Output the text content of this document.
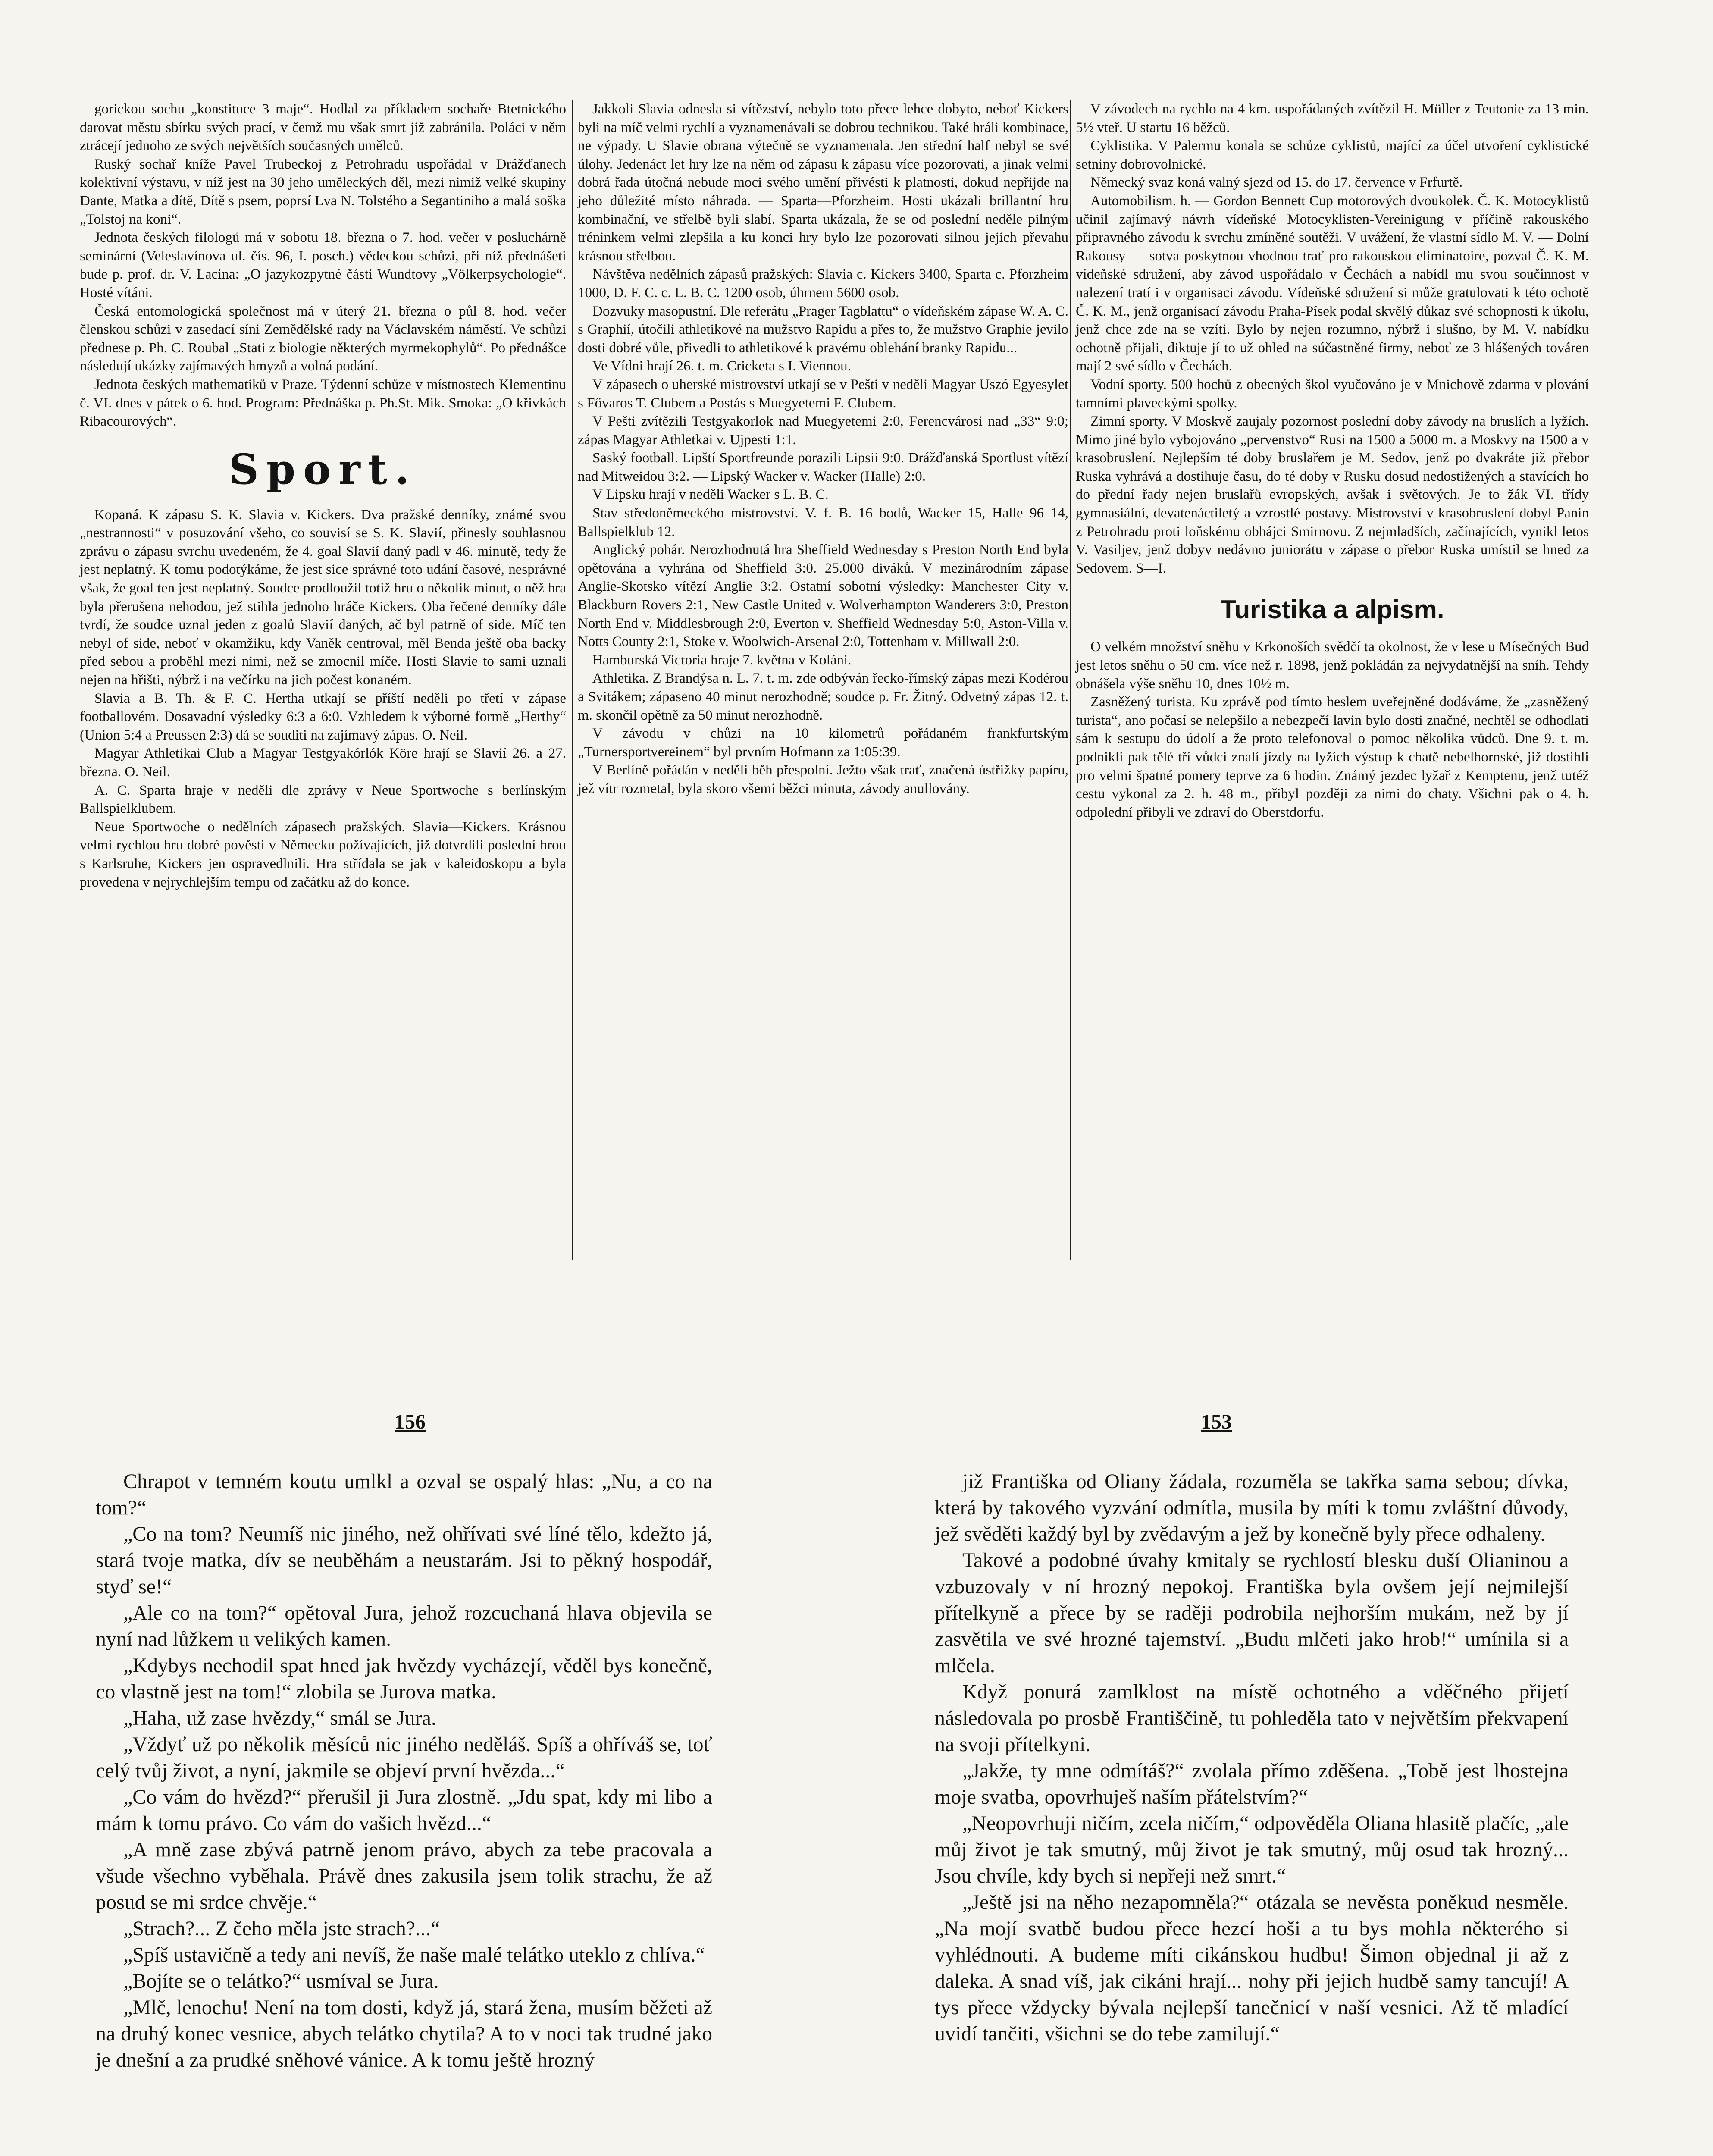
gorickou sochu „konstituce 3 maje“. Hodlal za příkladem sochaře Btetnického darovat městu sbírku svých prací, v čemž mu však smrt již zabránila. Poláci v něm ztrácejí jednoho ze svých největších současných umělců.

Ruský sochař kníže Pavel Trubeckoj z Petrohradu uspořádal v Drážďanech kolektivní výstavu, v níž jest na 30 jeho uměleckých děl, mezi nimiž velké skupiny Dante, Matka a dítě, Dítě s psem, poprsí Lva N. Tolstého a Segantiniho a malá soška „Tolstoj na koni“.

Jednota českých filologů má v sobotu 18. března o 7. hod. večer v posluchárně seminární (Veleslavínova ul. čís. 96, I. posch.) vědeckou schůzi, při níž přednášeti bude p. prof. dr. V. Lacina: „O jazykozpytné části Wundtovy „Völkerpsychologie“. Hosté vítáni.

Česká entomologická společnost má v úterý 21. března o půl 8. hod. večer členskou schůzi v zasedací síni Zemědělské rady na Václavském náměstí. Ve schůzi přednese p. Ph. C. Roubal „Stati z biologie některých myrmekophylů“. Po přednášce následují ukázky zajímavých hmyzů a volná podání.

Jednota českých mathematiků v Praze. Týdenní schůze v místnostech Klementinu č. VI. dnes v pátek o 6. hod. Program: Přednáška p. Ph.St. Mik. Smoka: „O křivkách Ribacourových“.

Sport.

Kopaná. K zápasu S. K. Slavia v. Kickers. Dva pražské denníky, známé svou „nestrannosti“ v posuzování všeho, co souvisí se S. K. Slavií, přinesly souhlasnou zprávu o zápasu svrchu uvedeném, že 4. goal Slavií daný padl v 46. minutě, tedy že jest neplatný. K tomu podotýkáme, že jest sice správné toto udání časové, nesprávné však, že goal ten jest neplatný. Soudce prodloužil totiž hru o několik minut, o něž hra byla přerušena nehodou, jež stihla jednoho hráče Kickers. Oba řečené denníky dále tvrdí, že soudce uznal jeden z goalů Slavií daných, ač byl patrně of side. Míč ten nebyl of side, neboť v okamžiku, kdy Vaněk centroval, měl Benda ještě oba backy před sebou a proběhl mezi nimi, než se zmocnil míče. Hosti Slavie to sami uznali nejen na hřišti, nýbrž i na večírku na jich počest konaném.

Slavia a B. Th. & F. C. Hertha utkají se příští neděli po třetí v zápase footballovém. Dosavadní výsledky 6:3 a 6:0. Vzhledem k výborné formě „Herthy“ (Union 5:4 a Preussen 2:3) dá se souditi na zajímavý zápas. O. Neil.

Magyar Athletikai Club a Magyar Testgyakórlók Köre hrají se Slavií 26. a 27. března. O. Neil.

A. C. Sparta hraje v neděli dle zprávy v Neue Sportwoche s berlínským Ballspielklubem.

Neue Sportwoche o nedělních zápasech pražských. Slavia—Kickers. Krásnou velmi rychlou hru dobré pověsti v Německu požívajících, již dotvrdili poslední hrou s Karlsruhe, Kickers jen ospravedlnili. Hra střídala se jak v kaleidoskopu a byla provedena v nejrychlejším tempu od začátku až do konce.

Jakkoli Slavia odnesla si vítězství, nebylo toto přece lehce dobyto, neboť Kickers byli na míč velmi rychlí a vyznamenávali se dobrou technikou. Také hráli kombinace, ne výpady. U Slavie obrana výtečně se vyznamenala. Jen střední half nebyl se své úlohy. Jedenáct let hry lze na něm od zápasu k zápasu více pozorovati, a jinak velmi dobrá řada útočná nebude moci svého umění přivésti k platnosti, dokud nepřijde na jeho důležité místo náhrada. — Sparta—Pforzheim. Hosti ukázali brillantní hru kombinační, ve střelbě byli slabí. Sparta ukázala, že se od poslední neděle pilným tréninkem velmi zlepšila a ku konci hry bylo lze pozorovati silnou jejich převahu krásnou střelbou.

Návštěva nedělních zápasů pražských: Slavia c. Kickers 3400, Sparta c. Pforzheim 1000, D. F. C. c. L. B. C. 1200 osob, úhrnem 5600 osob.

Dozvuky masopustní. Dle referátu „Prager Tagblattu“ o vídeňském zápase W. A. C. s Graphií, útočili athletikové na mužstvo Rapidu a přes to, že mužstvo Graphie jevilo dosti dobré vůle, přivedli to athletikové k pravému oblehání branky Rapidu...

Ve Vídni hrají 26. t. m. Cricketa s I. Viennou.

V zápasech o uherské mistrovství utkají se v Pešti v neděli Magyar Uszó Egyesylet s Fővaros T. Clubem a Postás s Muegyetemi F. Clubem.

V Pešti zvítězili Testgyakorlok nad Muegyetemi 2:0, Ferencvárosi nad „33“ 9:0; zápas Magyar Athletkai v. Ujpesti 1:1.

Saský football. Lipští Sportfreunde porazili Lipsii 9:0. Drážďanská Sportlust vítězí nad Mitweidou 3:2. — Lipský Wacker v. Wacker (Halle) 2:0.

V Lipsku hrají v neděli Wacker s L. B. C.

Stav středoněmeckého mistrovství. V. f. B. 16 bodů, Wacker 15, Halle 96 14, Ballspielklub 12.

Anglický pohár. Nerozhodnutá hra Sheffield Wednesday s Preston North End byla opětována a vyhrána od Sheffield 3:0. 25.000 diváků. V mezinárodním zápase Anglie-Skotsko vítězí Anglie 3:2. Ostatní sobotní výsledky: Manchester City v. Blackburn Rovers 2:1, New Castle United v. Wolverhampton Wanderers 3:0, Preston North End v. Middlesbrough 2:0, Everton v. Sheffield Wednesday 5:0, Aston-Villa v. Notts County 2:1, Stoke v. Woolwich-Arsenal 2:0, Tottenham v. Millwall 2:0.

Hamburská Victoria hraje 7. května v Koláni.

Athletika. Z Brandýsa n. L. 7. t. m. zde odbýván řecko-římský zápas mezi Kodérou a Svitákem; zápaseno 40 minut nerozhodně; soudce p. Fr. Žitný. Odvetný zápas 12. t. m. skončil opětně za 50 minut nerozhodně.

V závodu v chůzi na 10 kilometrů pořádaném frankfurtským „Turnersportvereinem“ byl prvním Hofmann za 1:05:39.

V Berlíně pořádán v neděli běh přespolní. Ježto však trať, značená ústřižky papíru, jež vítr rozmetal, byla skoro všemi běžci minuta, závody anullovány.

V závodech na rychlo na 4 km. uspořádaných zvítězil H. Müller z Teutonie za 13 min. 5½ vteř. U startu 16 běžců.

Cyklistika. V Palermu konala se schůze cyklistů, mající za účel utvoření cyklistické setniny dobrovolnické.

Německý svaz koná valný sjezd od 15. do 17. července v Frfurtě.

Automobilism. h. — Gordon Bennett Cup motorových dvoukolek. Č. K. Motocyklistů učinil zajímavý návrh vídeňské Motocyklisten-Vereinigung v příčině rakouského připravného závodu k svrchu zmíněné soutěži. V uvážení, že vlastní sídlo M. V. — Dolní Rakousy — sotva poskytnou vhodnou trať pro rakouskou eliminatoire, pozval Č. K. M. vídeňské sdružení, aby závod uspořádalo v Čechách a nabídl mu svou součinnost v nalezení tratí i v organisaci závodu. Vídeňské sdružení si může gratulovati k této ochotě Č. K. M., jenž organisací závodu Praha-Písek podal skvělý důkaz své schopnosti k úkolu, jenž chce zde na se vzíti. Bylo by nejen rozumno, nýbrž i slušno, by M. V. nabídku ochotně přijali, diktuje jí to už ohled na súčastněné firmy, neboť ze 3 hlášených továren mají 2 své sídlo v Čechách.

Vodní sporty. 500 hochů z obecných škol vyučováno je v Mnichově zdarma v plování tamními plaveckými spolky.

Zimní sporty. V Moskvě zaujaly pozornost poslední doby závody na bruslích a lyžích. Mimo jiné bylo vybojováno „pervenstvo“ Rusi na 1500 a 5000 m. a Moskvy na 1500 a v krasobruslení. Nejlepším té doby bruslařem je M. Sedov, jenž po dvakráte již přebor Ruska vyhrává a dostihuje času, do té doby v Rusku dosud nedostižených a stavících ho do přední řady nejen bruslařů evropských, avšak i světových. Je to žák VI. třídy gymnasiální, devatenáctiletý a vzrostlé postavy. Mistrovství v krasobruslení dobyl Panin z Petrohradu proti loňskému obhájci Smirnovu. Z nejmladších, začínajících, vynikl letos V. Vasiljev, jenž dobyv nedávno juniorátu v zápase o přebor Ruska umístil se hned za Sedovem. S—I.

Turistika a alpism.

O velkém množství sněhu v Krkonoších svědčí ta okolnost, že v lese u Mísečných Bud jest letos sněhu o 50 cm. více než r. 1898, jenž pokládán za nejvydatnější na sníh. Tehdy obnášela výše sněhu 10, dnes 10½ m.

Zasněžený turista. Ku zprávě pod tímto heslem uveřejněné dodáváme, že „zasněžený turista“, ano počasí se nelepšilo a nebezpečí lavin bylo dosti značné, nechtěl se odhodlati sám k sestupu do údolí a že proto telefonoval o pomoc několika vůdců. Dne 9. t. m. podnikli pak tělé tří vůdci znalí jízdy na lyžích výstup k chatě nebelhornské, již dostihli pro velmi špatné pomery teprve za 6 hodin. Známý jezdec lyžař z Kemptenu, jenž tutéž cestu vykonal za 2. h. 48 m., přibyl později za nimi do chaty. Všichni pak o 4. h. odpolední přibyli ve zdraví do Oberstdorfu.

156	153

Chrapot v temném koutu umlkl a ozval se ospalý hlas: „Nu, a co na tom?“

„Co na tom? Neumíš nic jiného, než ohřívati své líné tělo, kdežto já, stará tvoje matka, dív se neuběhám a neustarám. Jsi to pěkný hospodář, styď se!“

„Ale co na tom?“ opětoval Jura, jehož rozcuchaná hlava objevila se nyní nad lůžkem u velikých kamen.

„Kdybys nechodil spat hned jak hvězdy vycházejí, věděl bys konečně, co vlastně jest na tom!“ zlobila se Jurova matka.

„Haha, už zase hvězdy,“ smál se Jura.

„Vždyť už po několik měsíců nic jiného neděláš. Spíš a ohříváš se, toť celý tvůj život, a nyní, jakmile se objeví první hvězda...“

„Co vám do hvězd?“ přerušil ji Jura zlostně. „Jdu spat, kdy mi libo a mám k tomu právo. Co vám do vašich hvězd...“

„A mně zase zbývá patrně jenom právo, abych za tebe pracovala a všude všechno vyběhala. Právě dnes zakusila jsem tolik strachu, že až posud se mi srdce chvěje.“

„Strach?... Z čeho měla jste strach?...“

„Spíš ustavičně a tedy ani nevíš, že naše malé telátko uteklo z chlíva.“

„Bojíte se o telátko?“ usmíval se Jura.

„Mlč, lenochu! Není na tom dosti, když já, stará žena, musím běžeti až na druhý konec vesnice, abych telátko chytila? A to v noci tak trudné jako je dnešní a za prudké sněhové vánice. A k tomu ještě hrozný

již Františka od Oliany žádala, rozuměla se takřka sama sebou; dívka, která by takového vyzvání odmítla, musila by míti k tomu zvláštní důvody, jež svěděti každý byl by zvědavým a jež by konečně byly přece odhaleny.

Takové a podobné úvahy kmitaly se rychlostí blesku duší Olianinou a vzbuzovaly v ní hrozný nepokoj. Františka byla ovšem její nejmilejší přítelkyně a přece by se raději podrobila nejhorším mukám, než by jí zasvětila ve své hrozné tajemství. „Budu mlčeti jako hrob!“ umínila si a mlčela.

Když ponurá zamlklost na místě ochotného a vděčného přijetí následovala po prosbě Františčině, tu pohleděla tato v největším překvapení na svoji přítelkyni.

„Jakže, ty mne odmítáš?“ zvolala přímo zděšena. „Tobě jest lhostejna moje svatba, opovrhuješ naším přátelstvím?“

„Neopovrhuji ničím, zcela ničím,“ odpověděla Oliana hlasitě plačíc, „ale můj život je tak smutný, můj život je tak smutný, můj osud tak hrozný... Jsou chvíle, kdy bych si nepřeji než smrt.“

„Ještě jsi na něho nezapomněla?“ otázala se nevěsta poněkud nesměle. „Na mojí svatbě budou přece hezcí hoši a tu bys mohla některého si vyhlédnouti. A budeme míti cikánskou hudbu! Šimon objednal ji až z daleka. A snad víš, jak cikáni hrají... nohy při jejich hudbě samy tancují! A tys přece vždycky bývala nejlepší tanečnicí v naší vesnici. Až tě mladící uvidí tančiti, všichni se do tebe zamilují.“
